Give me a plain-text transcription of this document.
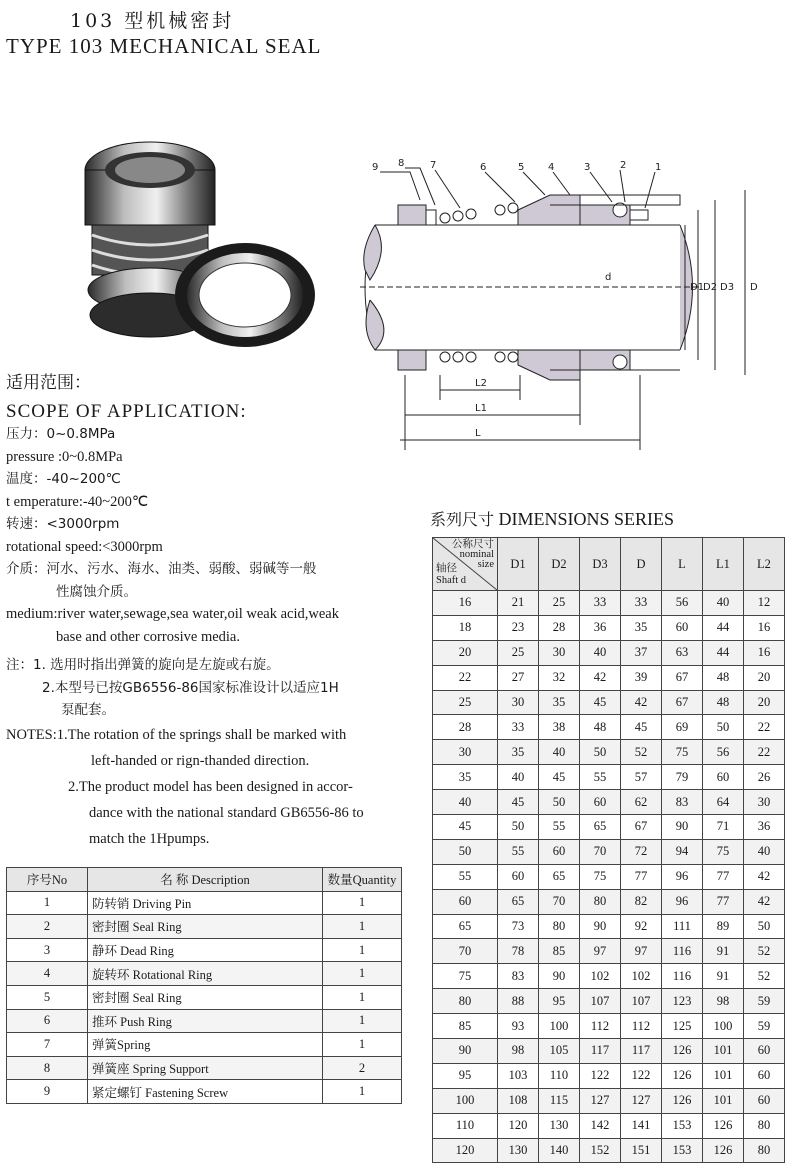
103 型机械密封
TYPE 103 MECHANICAL SEAL
9 8	7	6	5 4	3	2	1
d
D1
D2 D3 D
L2
L1
L
适用范围：
SCOPE OF APPLICATION:
压力：0~0.8MPa
pressure :0~0.8MPa
温度：-40~200℃
t emperature:-40~200℃
转速：<3000rpm
rotational speed:<3000rpm
介质：河水、污水、海水、油类、弱酸、弱碱等一般
性腐蚀介质。
medium:river water,sewage,sea water,oil weak acid,weak
base and other corrosive media.
注：1. 选用时指出弹簧的旋向是左旋或右旋。
2.本型号已按GB6556-86国家标准设计以适应1H
泵配套。
NOTES:1.The rotation of the springs shall be marked with
left-handed or rign-thanded direction.
2.The product model has been designed in accor-
dance with the national standard GB6556-86 to
match the 1Hpumps.
序号No	名 称 Description	数量Quantity
1	防转销 Driving Pin	1
2	密封圈 Seal Ring	1
3	静环 Dead Ring	1
4	旋转环 Rotational Ring	1
5	密封圈 Seal Ring	1
6	推环 Push Ring	1
7	弹簧Spring	1
8	弹簧座 Spring Support	2
9	紧定螺钉 Fastening Screw	1
系列尺寸 DIMENSIONS SERIES
公称尺寸
nominal
size
轴径
Shaft d	D1	D2	D3	D	L	L1	L2
16	21	25	33	33	56	40	12
18	23	28	36	35	60	44	16
20	25	30	40	37	63	44	16
22	27	32	42	39	67	48	20
25	30	35	45	42	67	48	20
28	33	38	48	45	69	50	22
30	35	40	50	52	75	56	22
35	40	45	55	57	79	60	26
40	45	50	60	62	83	64	30
45	50	55	65	67	90	71	36
50	55	60	70	72	94	75	40
55	60	65	75	77	96	77	42
60	65	70	80	82	96	77	42
65	73	80	90	92	111	89	50
70	78	85	97	97	116	91	52
75	83	90	102	102	116	91	52
80	88	95	107	107	123	98	59
85	93	100	112	112	125	100	59
90	98	105	117	117	126	101	60
95	103	110	122	122	126	101	60
100	108	115	127	127	126	101	60
110	120	130	142	141	153	126	80
120	130	140	152	151	153	126	80
